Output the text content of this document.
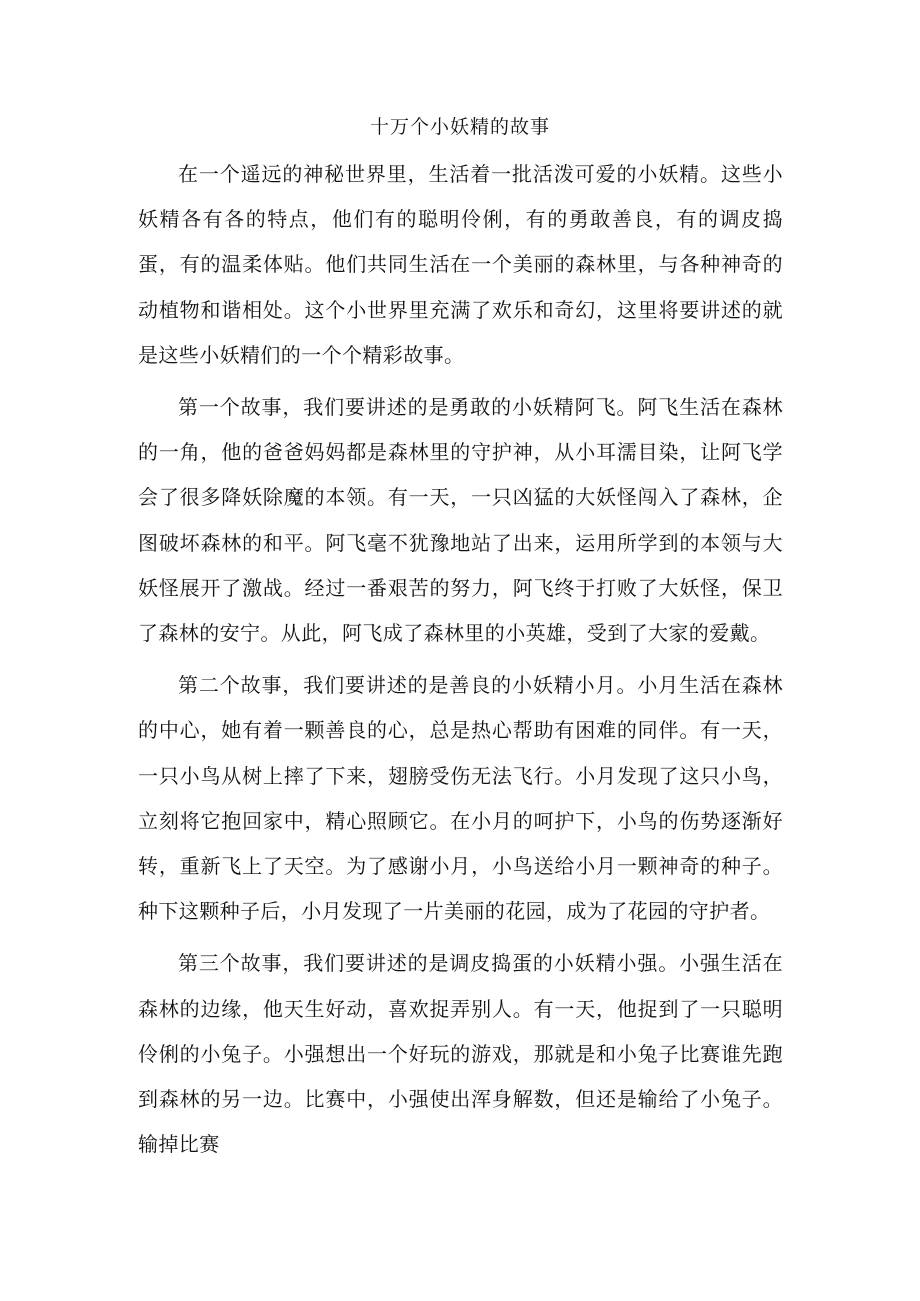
十万个小妖精的故事

在一个遥远的神秘世界里，生活着一批活泼可爱的小妖精。这些小妖精各有各的特点，他们有的聪明伶俐，有的勇敢善良，有的调皮捣蛋，有的温柔体贴。他们共同生活在一个美丽的森林里，与各种神奇的动植物和谐相处。这个小世界里充满了欢乐和奇幻，这里将要讲述的就是这些小妖精们的一个个精彩故事。

第一个故事，我们要讲述的是勇敢的小妖精阿飞。阿飞生活在森林的一角，他的爸爸妈妈都是森林里的守护神，从小耳濡目染，让阿飞学会了很多降妖除魔的本领。有一天，一只凶猛的大妖怪闯入了森林，企图破坏森林的和平。阿飞毫不犹豫地站了出来，运用所学到的本领与大妖怪展开了激战。经过一番艰苦的努力，阿飞终于打败了大妖怪，保卫了森林的安宁。从此，阿飞成了森林里的小英雄，受到了大家的爱戴。

第二个故事，我们要讲述的是善良的小妖精小月。小月生活在森林的中心，她有着一颗善良的心，总是热心帮助有困难的同伴。有一天，一只小鸟从树上摔了下来，翅膀受伤无法飞行。小月发现了这只小鸟，立刻将它抱回家中，精心照顾它。在小月的呵护下，小鸟的伤势逐渐好转，重新飞上了天空。为了感谢小月，小鸟送给小月一颗神奇的种子。种下这颗种子后，小月发现了一片美丽的花园，成为了花园的守护者。

第三个故事，我们要讲述的是调皮捣蛋的小妖精小强。小强生活在森林的边缘，他天生好动，喜欢捉弄别人。有一天，他捉到了一只聪明伶俐的小兔子。小强想出一个好玩的游戏，那就是和小兔子比赛谁先跑到森林的另一边。比赛中，小强使出浑身解数，但还是输给了小兔子。输掉比赛
